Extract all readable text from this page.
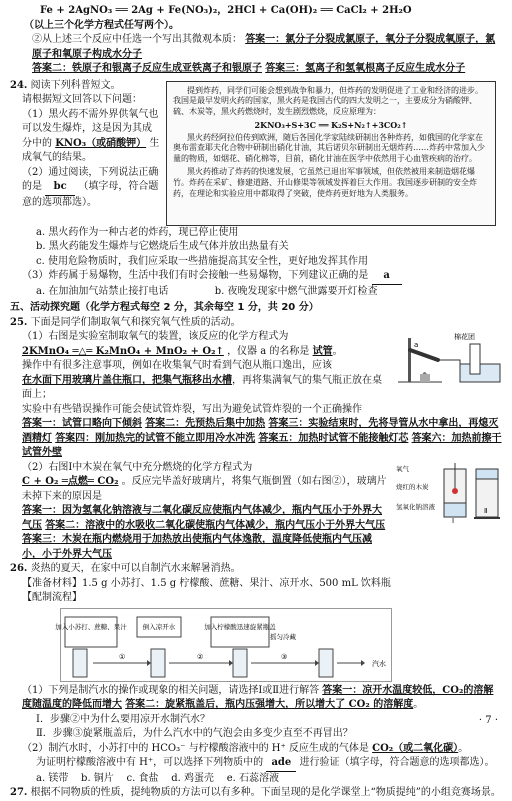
Fe + 2AgNO₃ ══ 2Ag + Fe(NO₃)₂，2HCl + Ca(OH)₂ ══ CaCl₂ + 2H₂O
（以上三个化学方程式任写两个）。
②从上述三个反应中任选一个写出其微观本质： 答案一：氯分子分裂成氯原子，氧分子分裂成氧原子，氯原子和氧原子构成水分子
答案二：铁原子和银离子反应生成亚铁离子和银原子 答案三：氢离子和氢氧根离子反应生成水分子
24. 阅读下列科普短文。
请根据短文回答以下问题：
（1）黑火药不需外界供氧气也可以发生爆炸，这是因为其成分中的 KNO₃（或硝酸钾） 生成氧气的结果。
（2）通过阅读，下列说法正确的是 bc （填字母，符合题意的选项都选）。

提到炸药，同学们可能会想到战争和暴力，但炸药的发明促进了工业和经济的进步。我国是最早发明火药的国家，黑火药是我国古代的四大发明之一，主要成分为硝酸钾、硫、木炭等，黑火药燃烧时，发生剧烈燃烧，反应原理为：

2KNO₃+S+3C ══ K₂S+N₂↑+3CO₂↑

黑火药经阿拉伯传到欧洲，随后各国化学家陆续研制出各种炸药，如俄国的化学家在奥布雷查耶夫化合物中研制出硝化甘油，其后诺贝尔研制出无烟炸药……炸药中常加入少量的物质，如烟花、硝化棉等，目前，硝化甘油在医学中依然用于心血管疾病的治疗。

黑火药推动了炸药的快速发展，它虽然已退出军事领域，但依然被用来制造烟花爆竹。炸药在采矿、修建道路、开山修渠等领域发挥着巨大作用。我国逐步研制的安全炸药，在理论和实验应用中都取得了突破，使炸药更好地为人类服务。

a. 黑火药作为一种古老的炸药，现已停止使用
b. 黑火药能发生爆炸与它燃烧后生成气体并放出热量有关
c. 使用危险物质时，我们应采取一些措施提高其安全性，更好地发挥其作用
（3）炸药属于易爆物，生活中我们有时会接触一些易爆物，下列建议正确的是 a
a. 在加油加气站禁止接打电话	b. 夜晚发现家中燃气泄露要开灯检查
五、活动探究题（化学方程式每空 2 分，其余每空 1 分，共 20 分）
25. 下面是同学们制取氧气和探究氧气性质的活动。
（1）右图是实验室制取氧气的装置，该反应的化学方程式为
2KMnO₄ ═△═ K₂MnO₄ + MnO₂ + O₂↑ ，仪器 a 的名称是 试管。
操作中有很多注意事项，例如在收集氧气时看到气泡从瓶口逸出，应该
在水面下用玻璃片盖住瓶口，把集气瓶移出水槽，再将集满氧气的集气瓶正放在桌面上；
棉花团
a
实验中有些错误操作可能会使试管炸裂，写出为避免试管炸裂的一个正确操作
答案一：试管口略向下倾斜 答案二：先预热后集中加热 答案三：实验结束时，先将导管从水中拿出，再熄灭酒精灯 答案四：刚加热完的试管不能立即用冷水冲洗 答案五：加热时试管不能接触灯芯 答案六：加热前擦干试管外壁
（2）右图Ⅰ中木炭在氧气中充分燃烧的化学方程式为
C + O₂ ═点燃═ CO₂ 。反应完毕盖好玻璃片，将集气瓶倒置（如右图②），玻璃片未掉下来的原因是
答案一：因为氢氧化钠溶液与二氧化碳反应使瓶内气体减少，瓶内气压小于外界大气压 答案二：溶液中的水吸收二氧化碳使瓶内气体减少，瓶内气压小于外界大气压 答案三：木炭在瓶内燃烧用于加热放出使瓶内气体逸散，温度降低使瓶内气压减小，小于外界大气压
氧气
烧红的木炭
氢氧化钠溶液
Ⅰ
Ⅱ
26. 炎热的夏天，在家中可以自制汽水来解暑消热。
【准备材料】1.5 g 小苏打、1.5 g 柠檬酸、蔗糖、果汁、凉开水、500 mL 饮料瓶
【配制流程】
加入小苏打、蔗糖、果汁 倒入凉开水	加入柠檬酸迅速旋紧瓶盖
摇匀冷藏
汽水
①	②	③
（1）下列是制汽水的操作或现象的相关问题，请选择Ⅰ或Ⅱ进行解答 答案一：凉开水温度较低，CO₂的溶解度随温度的降低而增大 答案二：旋紧瓶盖后，瓶内压强增大，所以增大了 CO₂ 的溶解度。
Ⅰ．步骤②中为什么要用凉开水制汽水？
Ⅱ．步骤③旋紧瓶盖后，为什么汽水中的气泡会由多变少直至不再冒出？
（2）制汽水时，小苏打中的 HCO₃⁻ 与柠檬酸溶液中的 H⁺ 反应生成的气体是 CO₂（或二氧化碳）。
为证明柠檬酸溶液中有 H⁺，可以选择下列物质中的 ade 进行验证（填字母，符合题意的选项都选）。
a. 镁带 b. 铜片 c. 食盐 d. 鸡蛋壳 e. 石蕊溶液
27. 根据不同物质的性质，提纯物质的方法可以有多种。下面呈现的是化学课堂上“物质提纯”的小组竞赛场景。
· 7 ·
